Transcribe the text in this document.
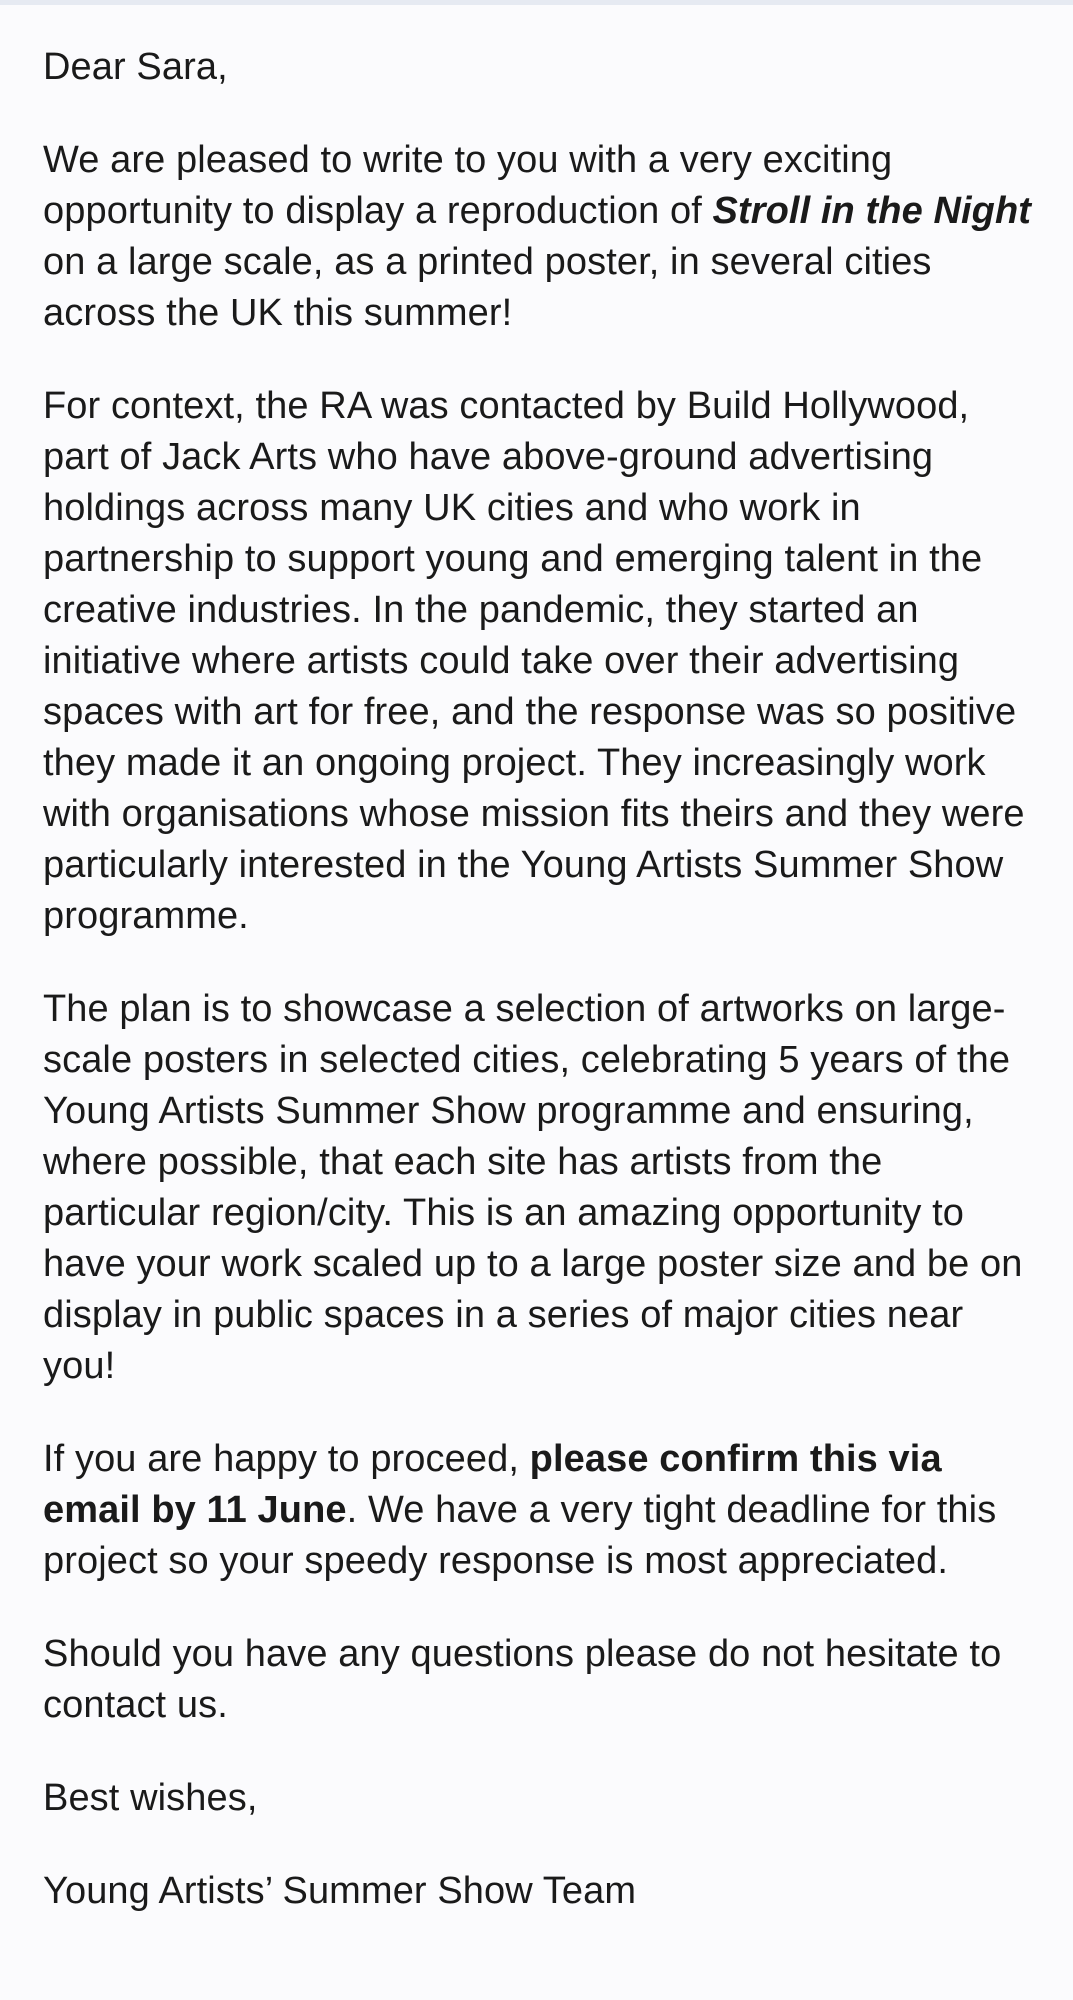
Dear Sara,

We are pleased to write to you with a very exciting opportunity to display a reproduction of Stroll in the Night on a large scale, as a printed poster, in several cities across the UK this summer!

For context, the RA was contacted by Build Hollywood, part of Jack Arts who have above-ground advertising holdings across many UK cities and who work in partnership to support young and emerging talent in the creative industries. In the pandemic, they started an initiative where artists could take over their advertising spaces with art for free, and the response was so positive they made it an ongoing project. They increasingly work with organisations whose mission fits theirs and they were particularly interested in the Young Artists Summer Show programme.

The plan is to showcase a selection of artworks on large-scale posters in selected cities, celebrating 5 years of the Young Artists Summer Show programme and ensuring, where possible, that each site has artists from the particular region/city. This is an amazing opportunity to have your work scaled up to a large poster size and be on display in public spaces in a series of major cities near you!

If you are happy to proceed, please confirm this via email by 11 June. We have a very tight deadline for this project so your speedy response is most appreciated.

Should you have any questions please do not hesitate to contact us.

Best wishes,

Young Artists’ Summer Show Team
